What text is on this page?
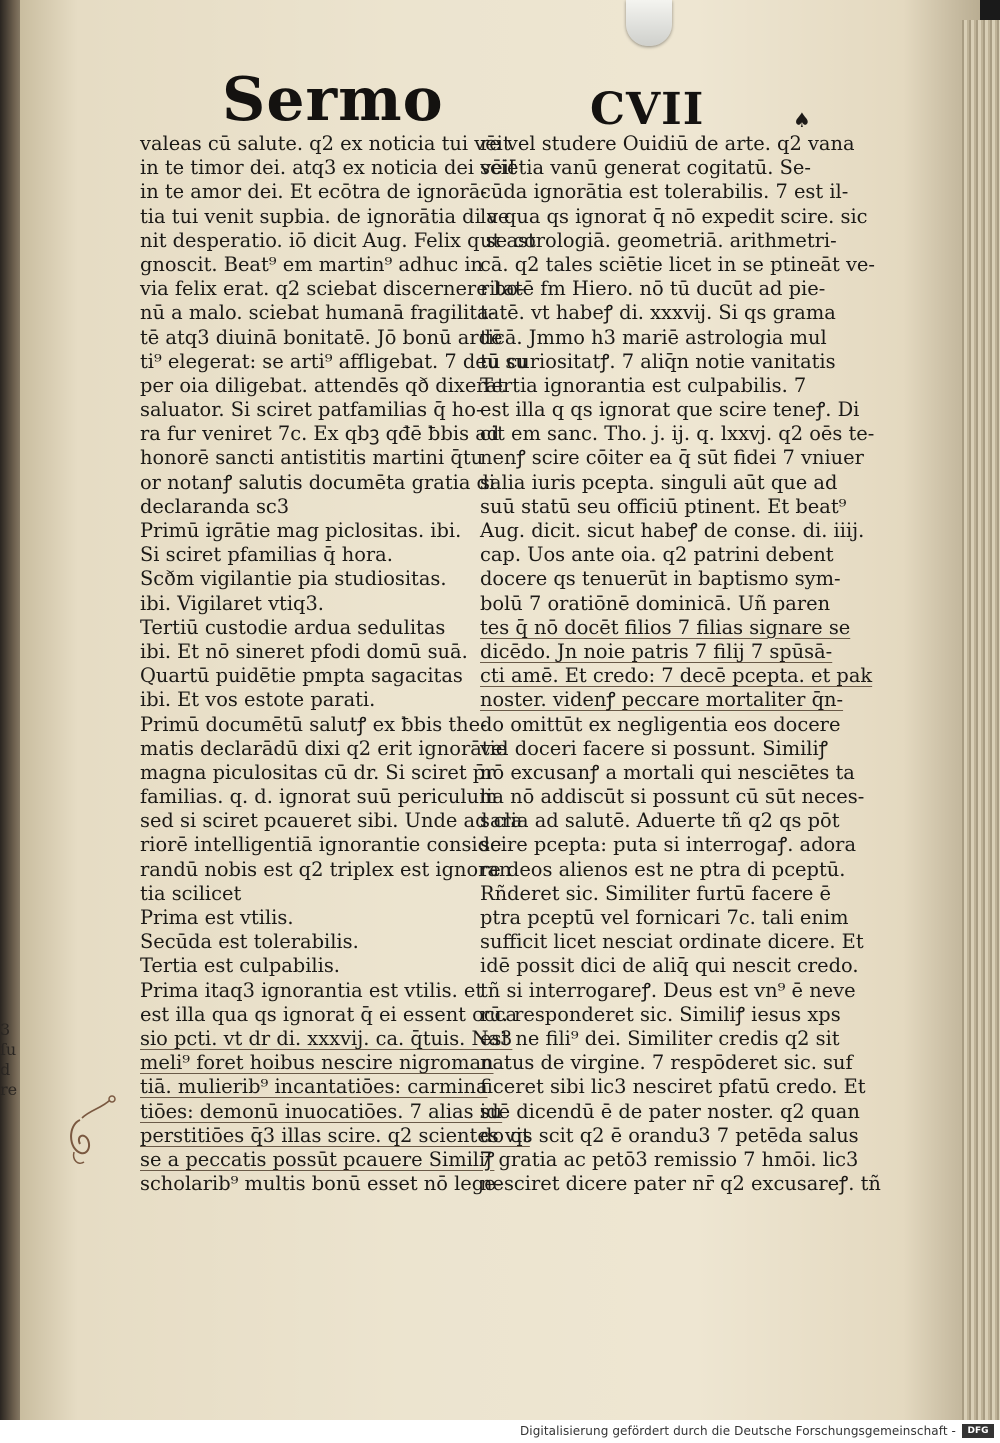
Sermo	CVII	♠
valeas cū salute. q2 ex noticia tui vēit
in te timor dei. atq3 ex noticia dei vēit
in te amor dei. Et ecōtra de ignorā-
tia tui venit supbia. de ignorātia di ve
nit desperatio. iō dicit Aug. Felix q se co
gnoscit. Beat⁹ em martin⁹ adhuc in
via felix erat. q2 sciebat discernere bo-
nū a malo. sciebat humanā fragilita-
tē atq3 diuinā bonitatē. Jō bonū ardē
ti⁹ elegerat: se arti⁹ affligebat. 7 deū su
per oia diligebat. attendēs qð dixerat
saluator. Si sciret patfamilias q̄ ho-
ra fur veniret 7c. Ex qbꝫ qđē ƀbis ad
honorē sancti antistitis martini q̄tu
or notanꝭ salutis documēta gratia di
declaranda sc3
Primū igrātie mag piclositas. ibi.
Si sciret pfamilias q̄ hora.
Scðm vigilantie pia studiositas.
ibi. Vigilaret vtiq3.
Tertiū custodie ardua sedulitas
ibi. Et nō sineret pfodi domū suā.
Quartū puidētie pmpta sagacitas
ibi. Et vos estote parati.
Primū documētū salutꝭ ex ƀbis the-
matis declarādū dixi q2 erit ignorātie
magna piculositas cū dr. Si sciret p̄r
familias. q. d. ignorat suū periculum
sed si sciret pcaueret sibi. Unde ad cla
riorē intelligentiā ignorantie conside
randū nobis est q2 triplex est ignoran
tia scilicet
Prima est vtilis.
Secūda est tolerabilis.
Tertia est culpabilis.
Prima itaq3 ignorantia est vtilis. et
est illa qua qs ignorat q̄ ei essent occa
sio pcti. vt dr di. xxxvij. ca. q̄tuis. Na3
meli⁹ foret hoibus nescire nigroman
tiā. mulierib⁹ incantatiōes: carmina
tiōes: demonū inuocatiōes. 7 alias su
perstitiōes q̄3 illas scire. q2 scientes vit
se a peccatis possūt pcauere Similiꝭ
scholarib⁹ multis bonū esset nō lege-
re vel studere Ouidiū de arte. q2 vana
sciētia vanū generat cogitatū. Se-
cūda ignorātia est tolerabilis. 7 est il-
la qua qs ignorat q̄ nō expedit scire. sic
ut astrologiā. geometriā. arithmetri-
cā. q2 tales sciētie licet in se ptineāt ve-
ritatē fm Hiero. nō tū ducūt ad pie-
tatē. vt habeꝭ di. xxxvij. Si qs grama
ticā. Jmmo h3 mariē astrologia mul
tū curiositatꝭ. 7 aliq̄n notie vanitatis
Tertia ignorantia est culpabilis. 7
est illa q qs ignorat que scire teneꝭ. Di
cit em sanc. Tho. j. ij. q. lxxvj. q2 oēs te-
nenꝭ scire cōiter ea q̄ sūt fidei 7 vniuer
salia iuris pcepta. singuli aūt que ad
suū statū seu officiū ptinent. Et beat⁹
Aug. dicit. sicut habeꝭ de conse. di. iiij.
cap. Uos ante oia. q2 patrini debent
docere qs tenuerūt in baptismo sym-
bolū 7 oratiōnē dominicā. Uñ paren
tes q̄ nō docēt filios 7 filias signare se
dicēdo. Jn noie patris 7 filij 7 spūsā-
cti amē. Et credo: 7 decē pcepta. et pak
noster. videnꝭ peccare mortaliter q̄n-
do omittūt ex negligentia eos docere
vel doceri facere si possunt. Similiꝭ
nō excusanꝭ a mortali qui nesciētes ta
lia nō addiscūt si possunt cū sūt neces-
saria ad salutē. Aduerte tñ q2 qs pōt
scire pcepta: puta si interrogaꝭ. adora
re deos alienos est ne ptra di pceptū.
Rñderet sic. Similiter furtū facere ē
ptra pceptū vel fornicari 7c. tali enim
sufficit licet nesciat ordinate dicere. Et
idē possit dici de aliq̄ qui nescit credo.
tñ si interrogareꝭ. Deus est vn⁹ ē neve
rū. responderet sic. Similiꝭ iesus xps
est ne fili⁹ dei. Similiter credis q2 sit
natus de virgine. 7 respōderet sic. suf
ficeret sibi lic3 nesciret pfatū credo. Et
idē dicendū ē de pater noster. q2 quan
do qs scit q2 ē orandu3 7 petēda salus
7 gratia ac petō3 remissio 7 hmōi. lic3
nesciret dicere pater nr̄ q2 excusareꝭ. tñ
3
ſu
d
re
Digitalisierung gefördert durch die Deutsche Forschungsgemeinschaft -	DFG
